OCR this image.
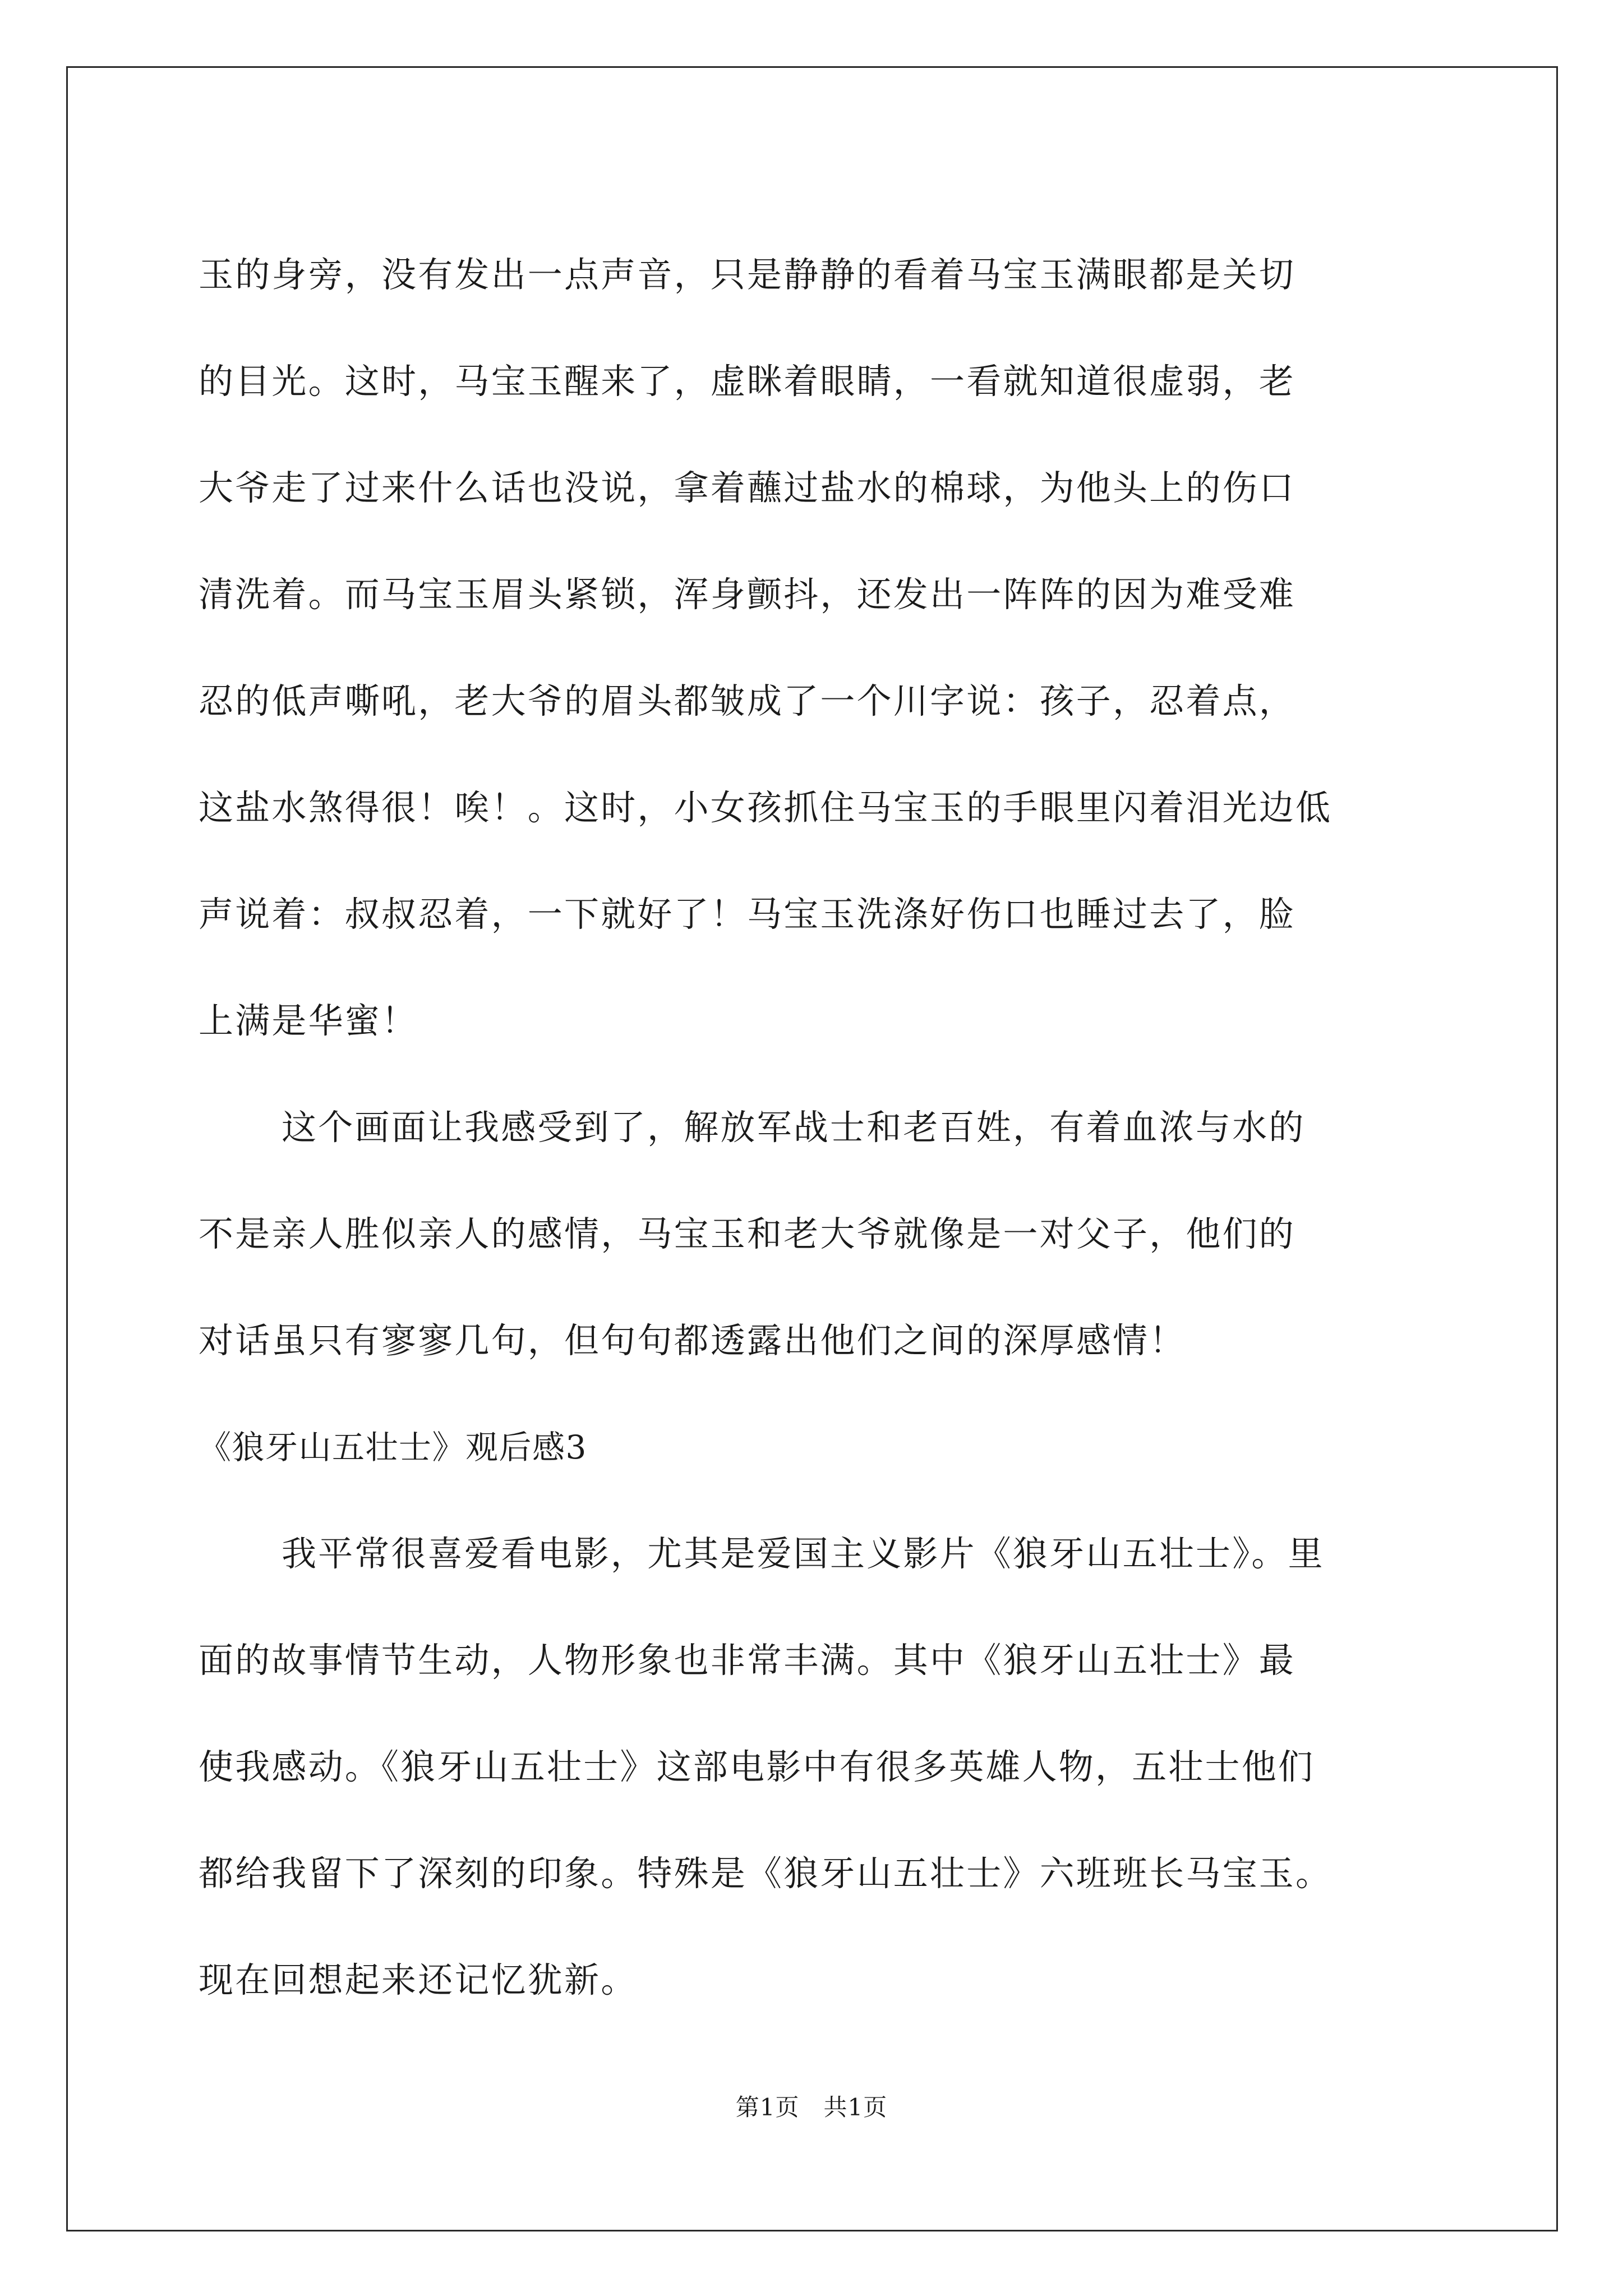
玉的身旁，没有发出一点声音，只是静静的看着马宝玉满眼都是关切
的目光。这时，马宝玉醒来了，虚眯着眼睛，一看就知道很虚弱，老
大爷走了过来什么话也没说，拿着蘸过盐水的棉球，为他头上的伤口
清洗着。而马宝玉眉头紧锁，浑身颤抖，还发出一阵阵的因为难受难
忍的低声嘶吼，老大爷的眉头都皱成了一个川字说：孩子，忍着点，
这盐水煞得很！唉！。这时，小女孩抓住马宝玉的手眼里闪着泪光边低
声说着：叔叔忍着，一下就好了！马宝玉洗涤好伤口也睡过去了，脸
上满是华蜜！
这个画面让我感受到了，解放军战士和老百姓，有着血浓与水的
不是亲人胜似亲人的感情，马宝玉和老大爷就像是一对父子，他们的
对话虽只有寥寥几句，但句句都透露出他们之间的深厚感情！
《狼牙山五壮士》观后感3
我平常很喜爱看电影，尤其是爱国主义影片《狼牙山五壮士》。里
面的故事情节生动，人物形象也非常丰满。其中《狼牙山五壮士》最
使我感动。《狼牙山五壮士》这部电影中有很多英雄人物，五壮士他们
都给我留下了深刻的印象。特殊是《狼牙山五壮士》六班班长马宝玉。
现在回想起来还记忆犹新。
第1页   共1页
